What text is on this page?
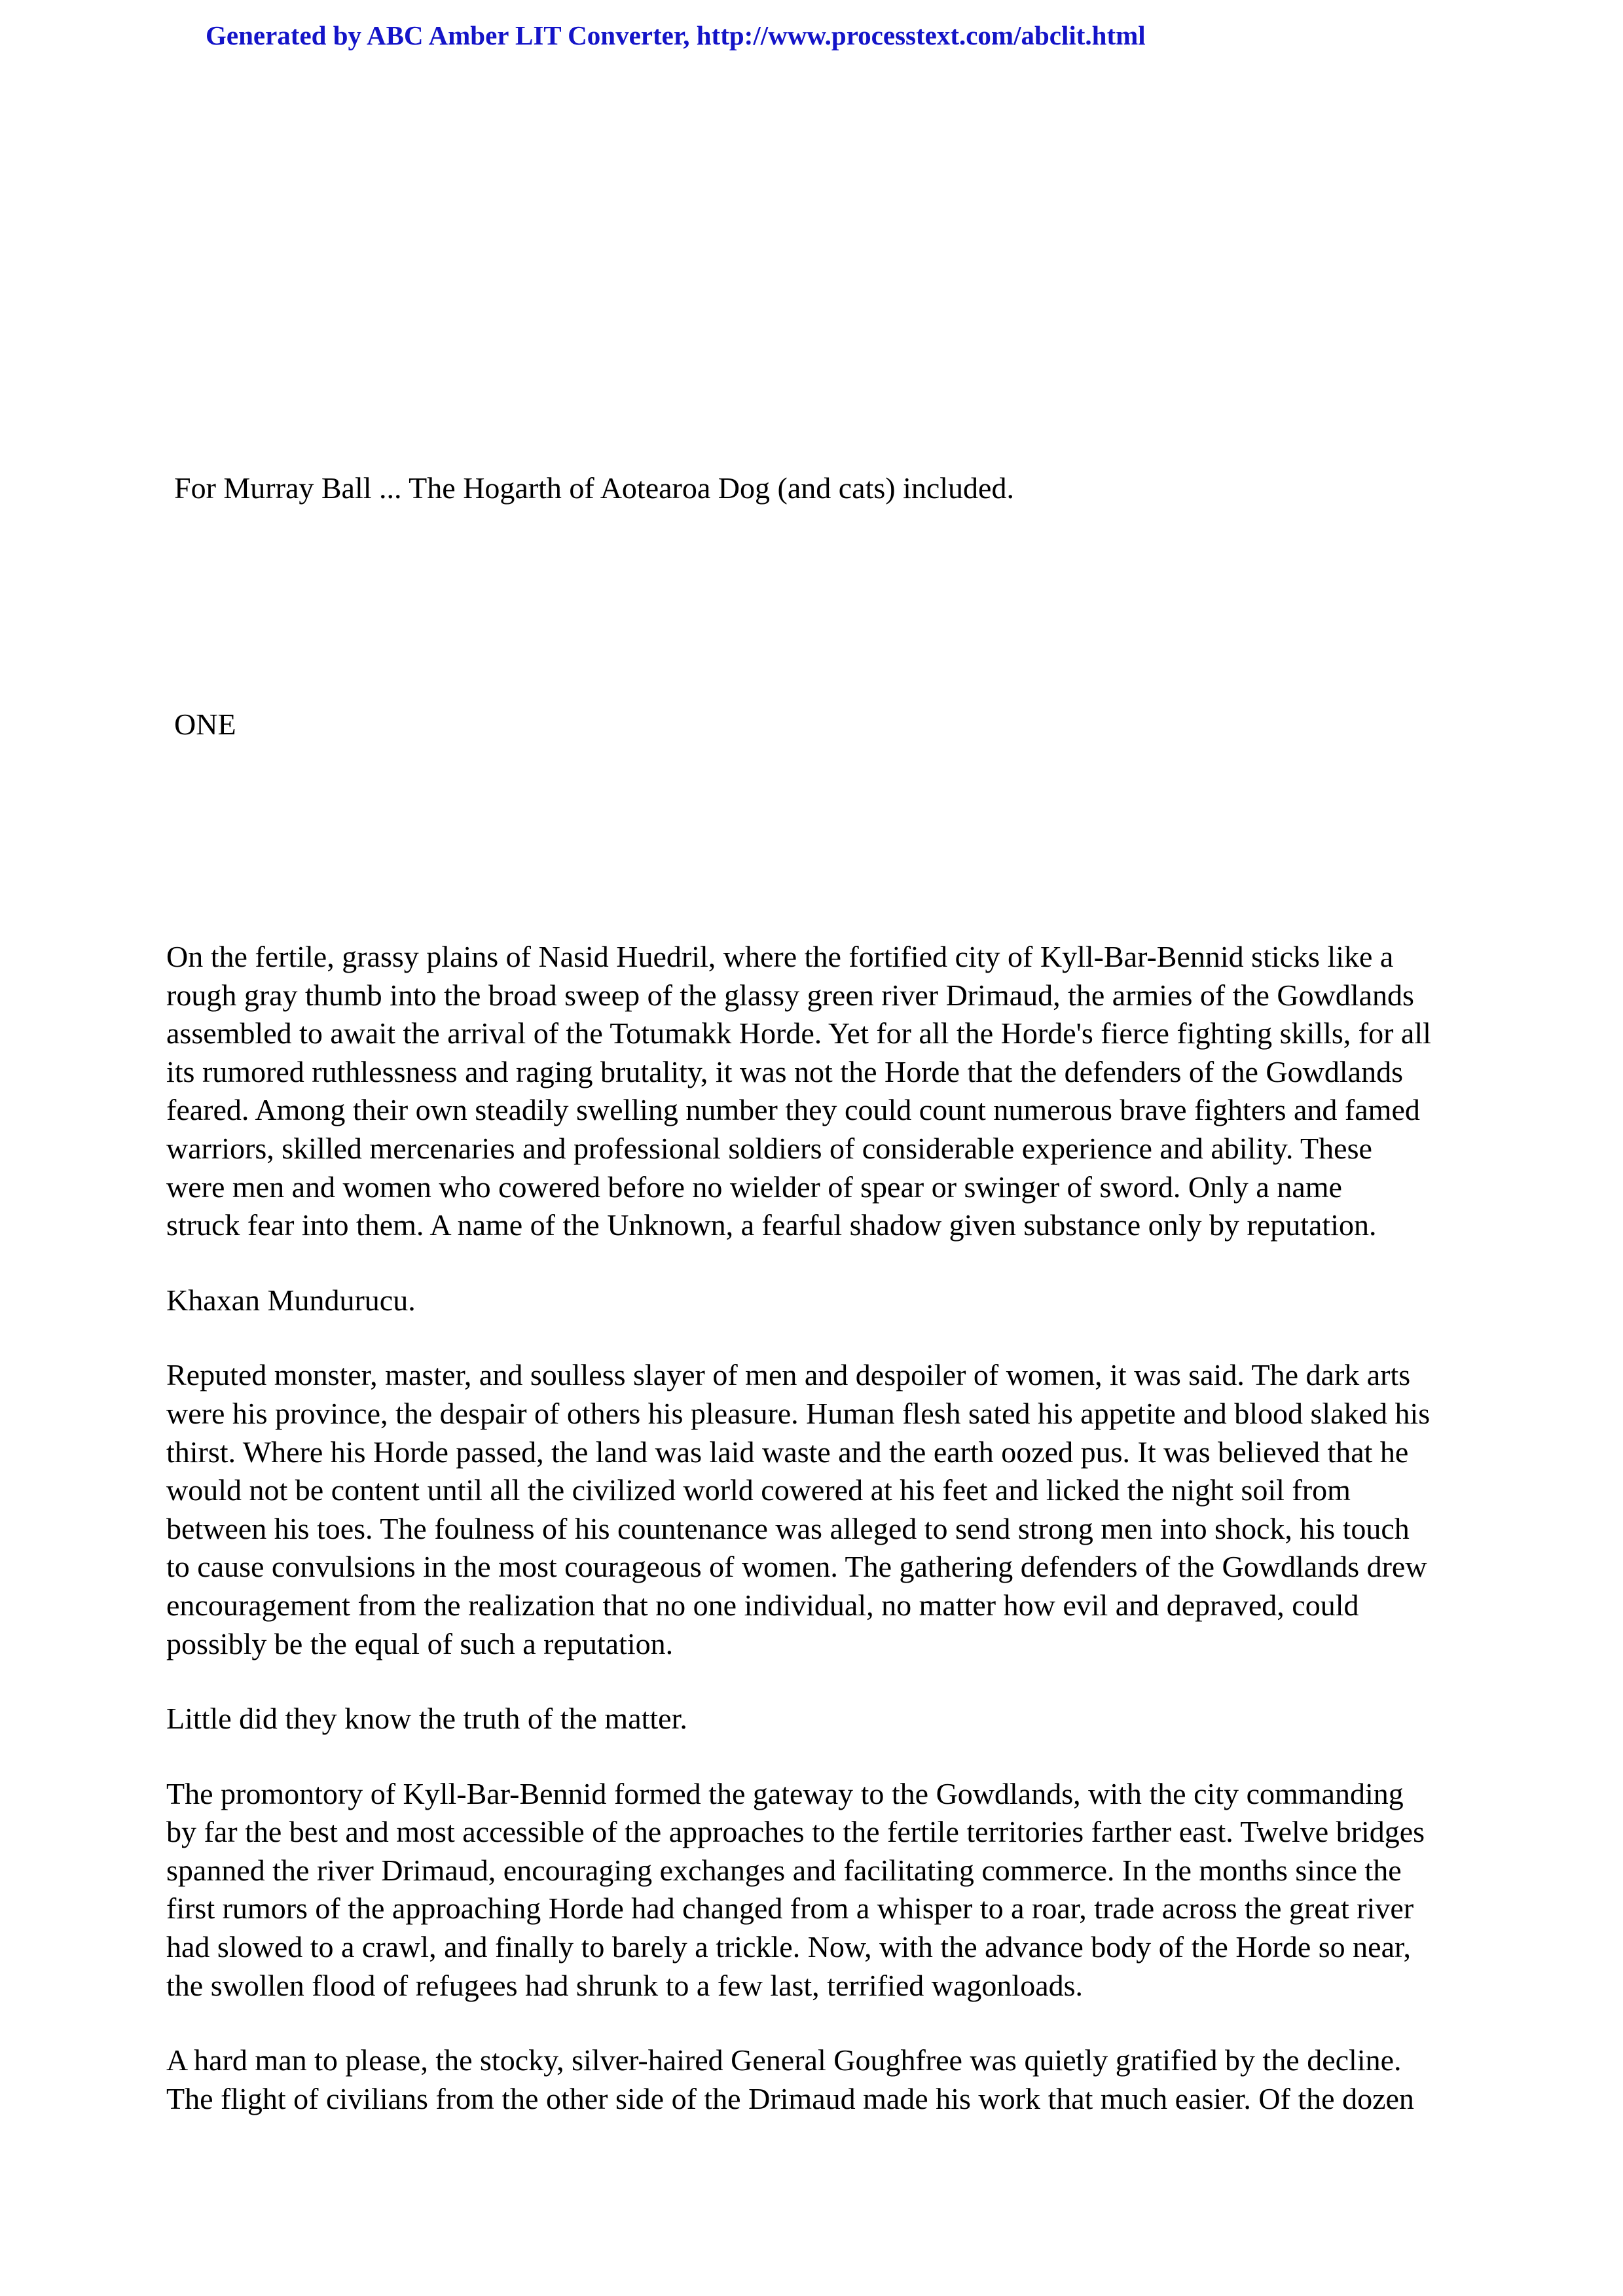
Generated by ABC Amber LIT Converter, http://www.processtext.com/abclit.html

For Murray Ball ... The Hogarth of Aotearoa Dog (and cats) included.

ONE

On the fertile, grassy plains of Nasid Huedril, where the fortified city of Kyll-Bar-Bennid sticks like a
rough gray thumb into the broad sweep of the glassy green river Drimaud, the armies of the Gowdlands
assembled to await the arrival of the Totumakk Horde. Yet for all the Horde's fierce fighting skills, for all
its rumored ruthlessness and raging brutality, it was not the Horde that the defenders of the Gowdlands
feared. Among their own steadily swelling number they could count numerous brave fighters and famed
warriors, skilled mercenaries and professional soldiers of considerable experience and ability. These
were men and women who cowered before no wielder of spear or swinger of sword. Only a name
struck fear into them. A name of the Unknown, a fearful shadow given substance only by reputation.

Khaxan Mundurucu.

Reputed monster, master, and soulless slayer of men and despoiler of women, it was said. The dark arts
were his province, the despair of others his pleasure. Human flesh sated his appetite and blood slaked his
thirst. Where his Horde passed, the land was laid waste and the earth oozed pus. It was believed that he
would not be content until all the civilized world cowered at his feet and licked the night soil from
between his toes. The foulness of his countenance was alleged to send strong men into shock, his touch
to cause convulsions in the most courageous of women. The gathering defenders of the Gowdlands drew
encouragement from the realization that no one individual, no matter how evil and depraved, could
possibly be the equal of such a reputation.

Little did they know the truth of the matter.

The promontory of Kyll-Bar-Bennid formed the gateway to the Gowdlands, with the city commanding
by far the best and most accessible of the approaches to the fertile territories farther east. Twelve bridges
spanned the river Drimaud, encouraging exchanges and facilitating commerce. In the months since the
first rumors of the approaching Horde had changed from a whisper to a roar, trade across the great river
had slowed to a crawl, and finally to barely a trickle. Now, with the advance body of the Horde so near,
the swollen flood of refugees had shrunk to a few last, terrified wagonloads.

A hard man to please, the stocky, silver-haired General Goughfree was quietly gratified by the decline.
The flight of civilians from the other side of the Drimaud made his work that much easier. Of the dozen
